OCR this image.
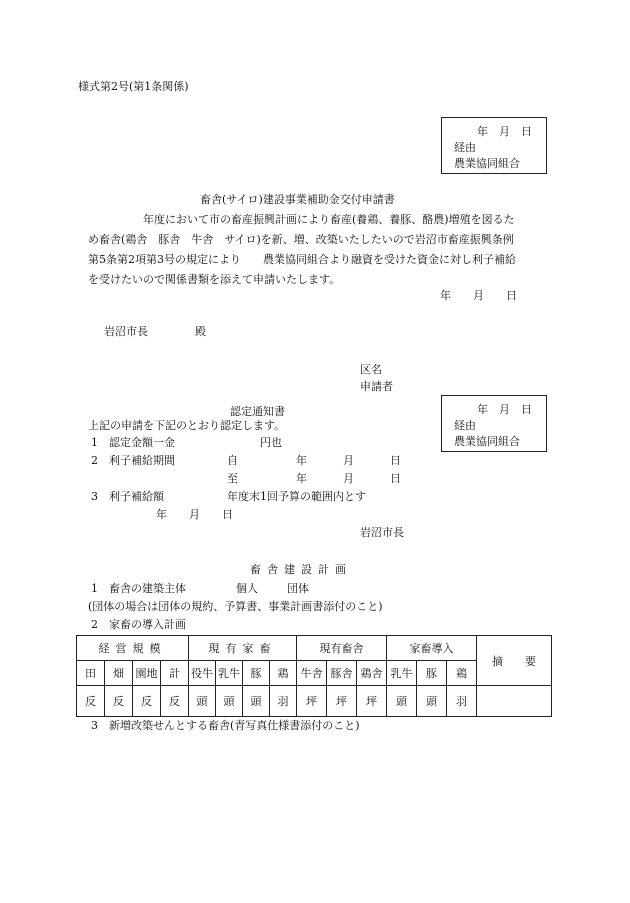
様式第2号(第1条関係)
年　月　日
経由
農業協同組合
畜舎(サイロ)建設事業補助金交付申請書
　　　　　年度において市の畜産振興計画により畜産(養鶏、養豚、酪農)増殖を図るた
め畜舎(鶏舎　豚舎　牛舎　サイロ)を新、増、改築いたしたいので岩沼市畜産振興条例
第5条第2項第3号の規定により　　農業協同組合より融資を受けた資金に対し利子補給
を受けたいので関係書類を添えて申請いたします。
年　　月　　日
岩沼市長	殿
区名
申請者
年　月　日
経由
農業協同組合
認定通知書
上記の申請を下記のとおり認定します。
1　認定金額一金	円也
2　利子補給期間	自	年	月	日
至	年	月	日
3　利子補給額	年度末1回予算の範囲内とす
年　　月　　日
岩沼市長
畜舎建設計画
1　畜舎の建築主体	個人	団体
(団体の場合は団体の規約、予算書、事業計画書添付のこと)
2　家畜の導入計画
経営規模				現有家畜				現有畜舎			家畜導入			摘　　要
田	畑	園地	計	役牛	乳牛	豚	鶏	牛舎	豚舎	鶏舎	乳牛	豚	鶏	
反	反	反	反	頭	頭	頭	羽	坪	坪	坪	頭	頭	羽	
3　新増改築せんとする畜舎(青写真仕様書添付のこと)
